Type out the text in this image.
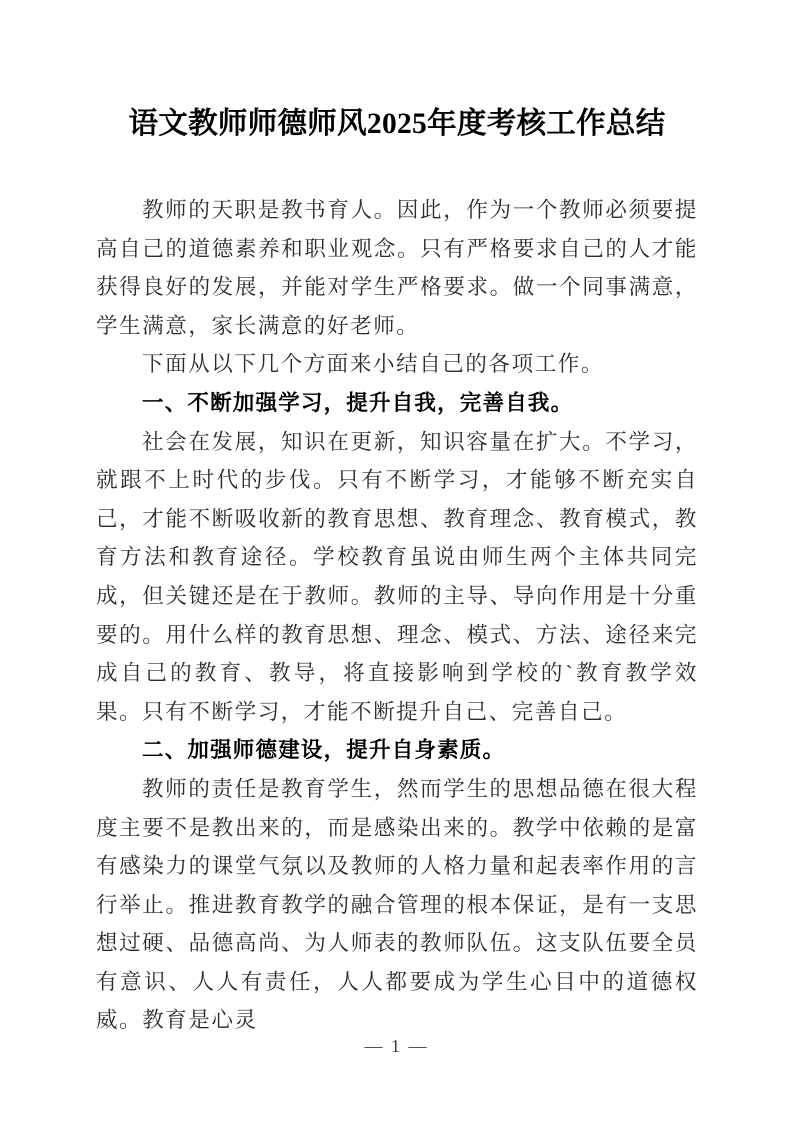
语文教师师德师风2025年度考核工作总结

教师的天职是教书育人。因此，作为一个教师必须要提高自己的道德素养和职业观念。只有严格要求自己的人才能获得良好的发展，并能对学生严格要求。做一个同事满意，学生满意，家长满意的好老师。

下面从以下几个方面来小结自己的各项工作。

一、不断加强学习，提升自我，完善自我。

社会在发展，知识在更新，知识容量在扩大。不学习，就跟不上时代的步伐。只有不断学习，才能够不断充实自己，才能不断吸收新的教育思想、教育理念、教育模式，教育方法和教育途径。学校教育虽说由师生两个主体共同完成，但关键还是在于教师。教师的主导、导向作用是十分重要的。用什么样的教育思想、理念、模式、方法、途径来完成自己的教育、教导，将直接影响到学校的`教育教学效果。只有不断学习，才能不断提升自己、完善自己。

二、加强师德建设，提升自身素质。

教师的责任是教育学生，然而学生的思想品德在很大程度主要不是教出来的，而是感染出来的。教学中依赖的是富有感染力的课堂气氛以及教师的人格力量和起表率作用的言行举止。推进教育教学的融合管理的根本保证，是有一支思想过硬、品德高尚、为人师表的教师队伍。这支队伍要全员有意识、人人有责任，人人都要成为学生心目中的道德权威。教育是心灵

— 1 —
